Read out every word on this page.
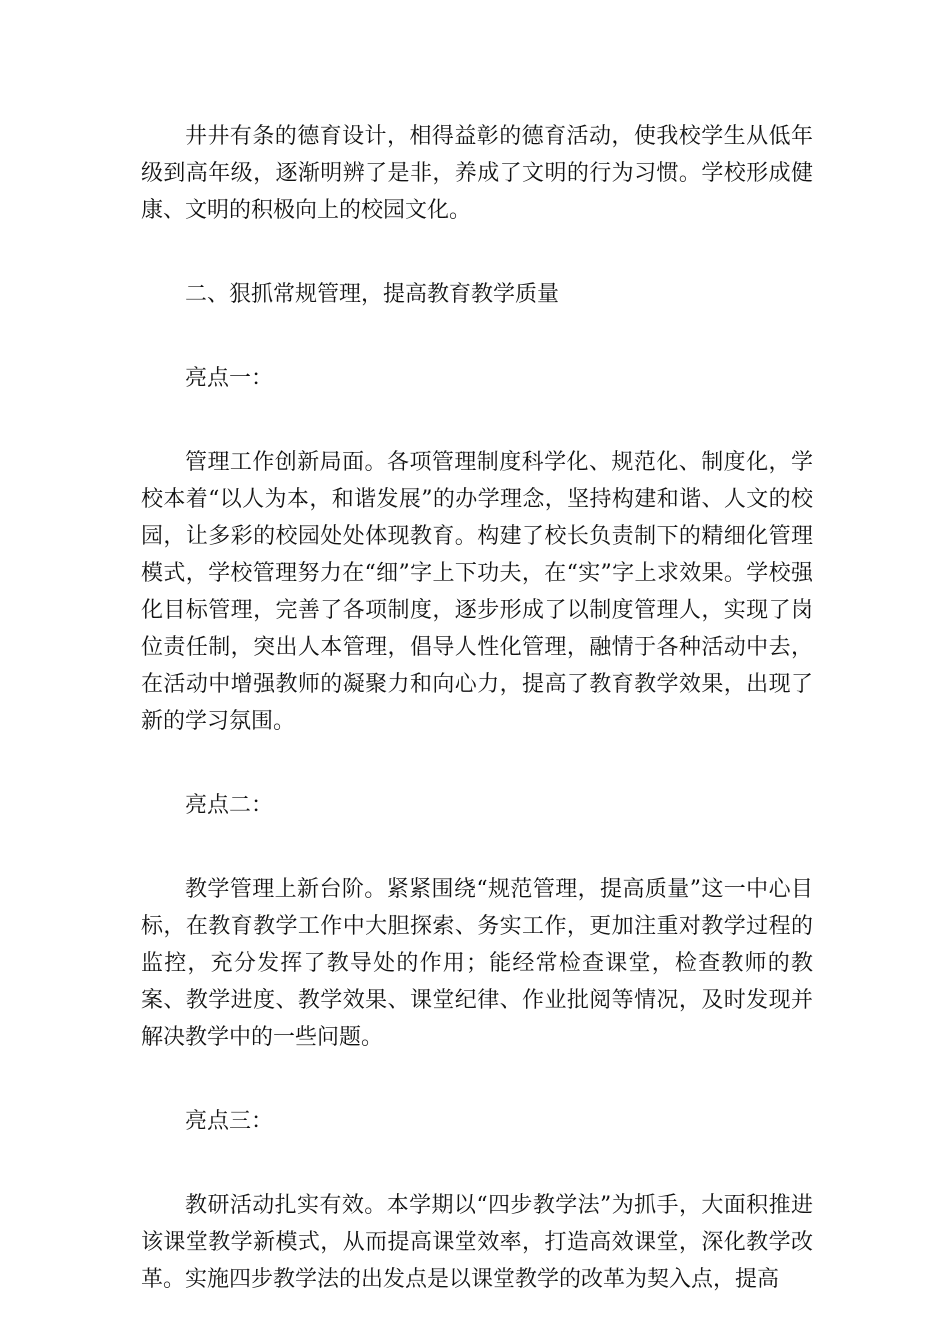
井井有条的德育设计，相得益彰的德育活动，使我校学生从低年级到高年级，逐渐明辨了是非，养成了文明的行为习惯。学校形成健康、文明的积极向上的校园文化。

二、狠抓常规管理，提高教育教学质量

亮点一：

管理工作创新局面。各项管理制度科学化、规范化、制度化，学校本着“以人为本，和谐发展”的办学理念，坚持构建和谐、人文的校园，让多彩的校园处处体现教育。构建了校长负责制下的精细化管理模式，学校管理努力在“细”字上下功夫，在“实”字上求效果。学校强化目标管理，完善了各项制度，逐步形成了以制度管理人，实现了岗位责任制，突出人本管理，倡导人性化管理，融情于各种活动中去，在活动中增强教师的凝聚力和向心力，提高了教育教学效果，出现了新的学习氛围。

亮点二：

教学管理上新台阶。紧紧围绕“规范管理，提高质量”这一中心目标，在教育教学工作中大胆探索、务实工作，更加注重对教学过程的监控，充分发挥了教导处的作用；能经常检查课堂，检查教师的教案、教学进度、教学效果、课堂纪律、作业批阅等情况，及时发现并解决教学中的一些问题。

亮点三：

教研活动扎实有效。本学期以“四步教学法”为抓手，大面积推进该课堂教学新模式，从而提高课堂效率，打造高效课堂，深化教学改革。实施四步教学法的出发点是以课堂教学的改革为契入点，提高
